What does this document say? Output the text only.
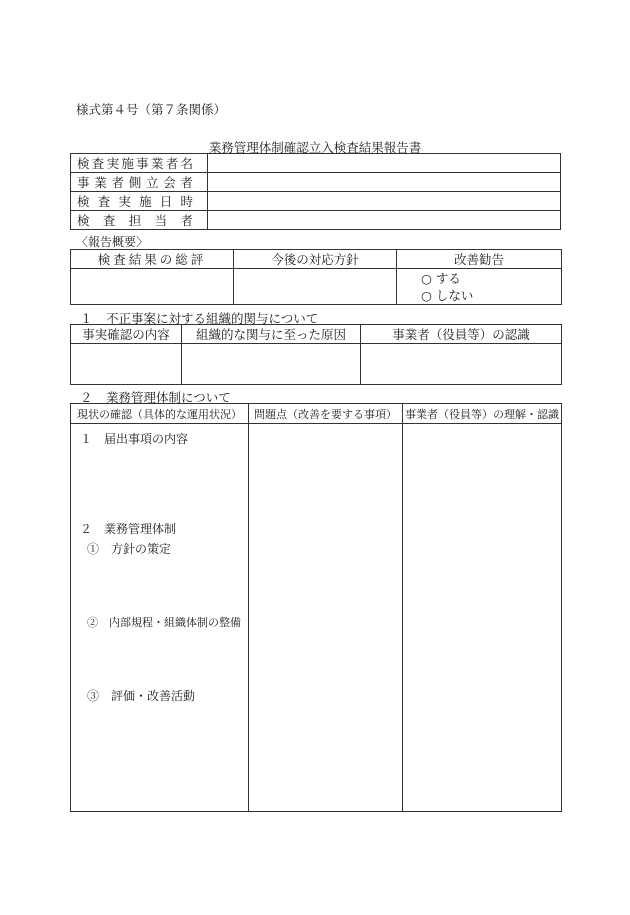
様式第４号（第７条関係）
業務管理体制確認立入検査結果報告書
検査実施事業者名	

事業者側立会者	

検査実施日時	

検査担当者	

〈報告概要〉
検査結果の総評	今後の対応方針	改善勧告

		○ する
○ しない
１ 不正事案に対する組織的関与について
事実確認の内容	組織的な関与に至った原因	事業者（役員等）の認識

２ 業務管理体制について
現状の確認（具体的な運用状況）	問題点（改善を要する事項）	事業者（役員等）の理解・認識

１　届出事項の内容
２　業務管理体制
①　方針の策定
②　内部規程・組織体制の整備
③　評価・改善活動		
